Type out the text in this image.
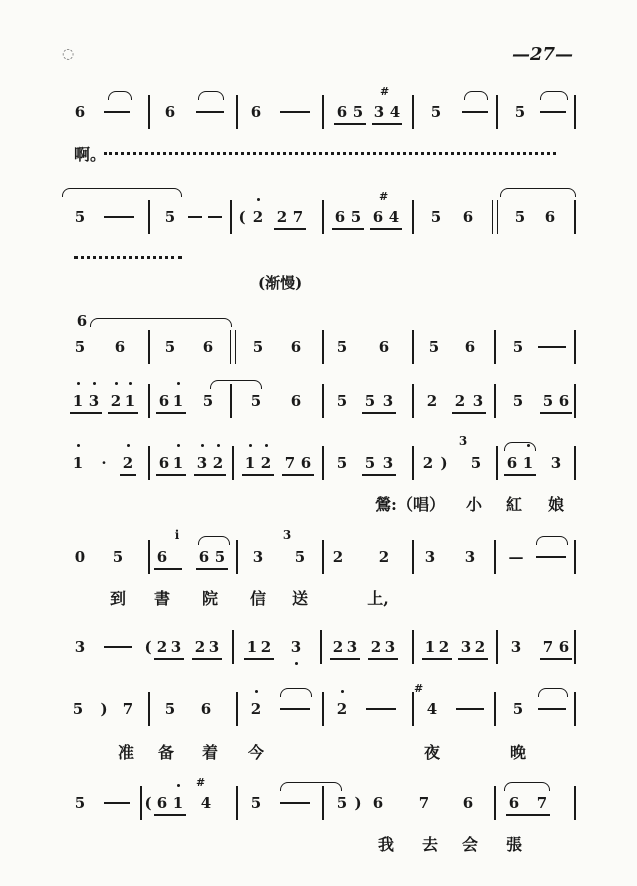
◌	—27—
6	6	6	6 5 3 4
#
5	5
啊。
5	5	( 2 2 7 6 5 6 4
#
5 6	5 6
(渐慢)
6
5 6	5 6	5 6 5 6	5 6	5
1 3 2 1 6 1 5	5 6 5 5 3 2 2 3 5 5 6
1 · 2 6 1 3 2 1 2 7 6 5 5 3 2 )
3
5 6 1 3
鶯:（唱） 小 紅 娘
0 5 6
i
6 5 3
3
5 2 2 3 3 —
到 書 院 信 送	上,
3	( 2 3 2 3 1 2 3 2 3 2 3 1 2 3 2 3 7 6
5 ) 7 5 6	2	2
#
4	5
准 备 着 今	夜	晚
5	( 6 1
#
4	5	5 ) 6 7 6 6 7
我 去 会 張
